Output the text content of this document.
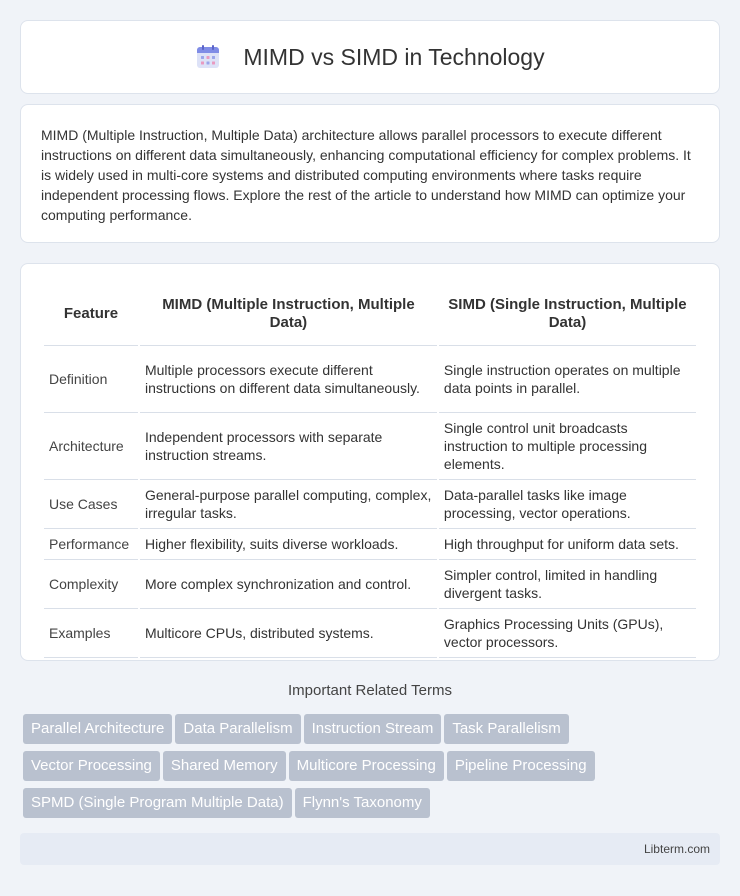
MIMD vs SIMD in Technology

MIMD (Multiple Instruction, Multiple Data) architecture allows parallel processors to execute different instructions on different data simultaneously, enhancing computational efficiency for complex problems. It is widely used in multi-core systems and distributed computing environments where tasks require independent processing flows. Explore the rest of the article to understand how MIMD can optimize your computing performance.

Feature	MIMD (Multiple Instruction, Multiple Data)	SIMD (Single Instruction, Multiple Data)
Definition	Multiple processors execute different instructions on different data simultaneously.	Single instruction operates on multiple data points in parallel.
Architecture	Independent processors with separate instruction streams.	Single control unit broadcasts instruction to multiple processing elements.
Use Cases	General-purpose parallel computing, complex, irregular tasks.	Data-parallel tasks like image processing, vector operations.
Performance	Higher flexibility, suits diverse workloads.	High throughput for uniform data sets.
Complexity	More complex synchronization and control.	Simpler control, limited in handling divergent tasks.
Examples	Multicore CPUs, distributed systems.	Graphics Processing Units (GPUs), vector processors.
Important Related Terms
Parallel Architecture Data Parallelism Instruction Stream Task Parallelism
Vector Processing Shared Memory Multicore Processing Pipeline Processing
SPMD (Single Program Multiple Data) Flynn's Taxonomy
Libterm.com
